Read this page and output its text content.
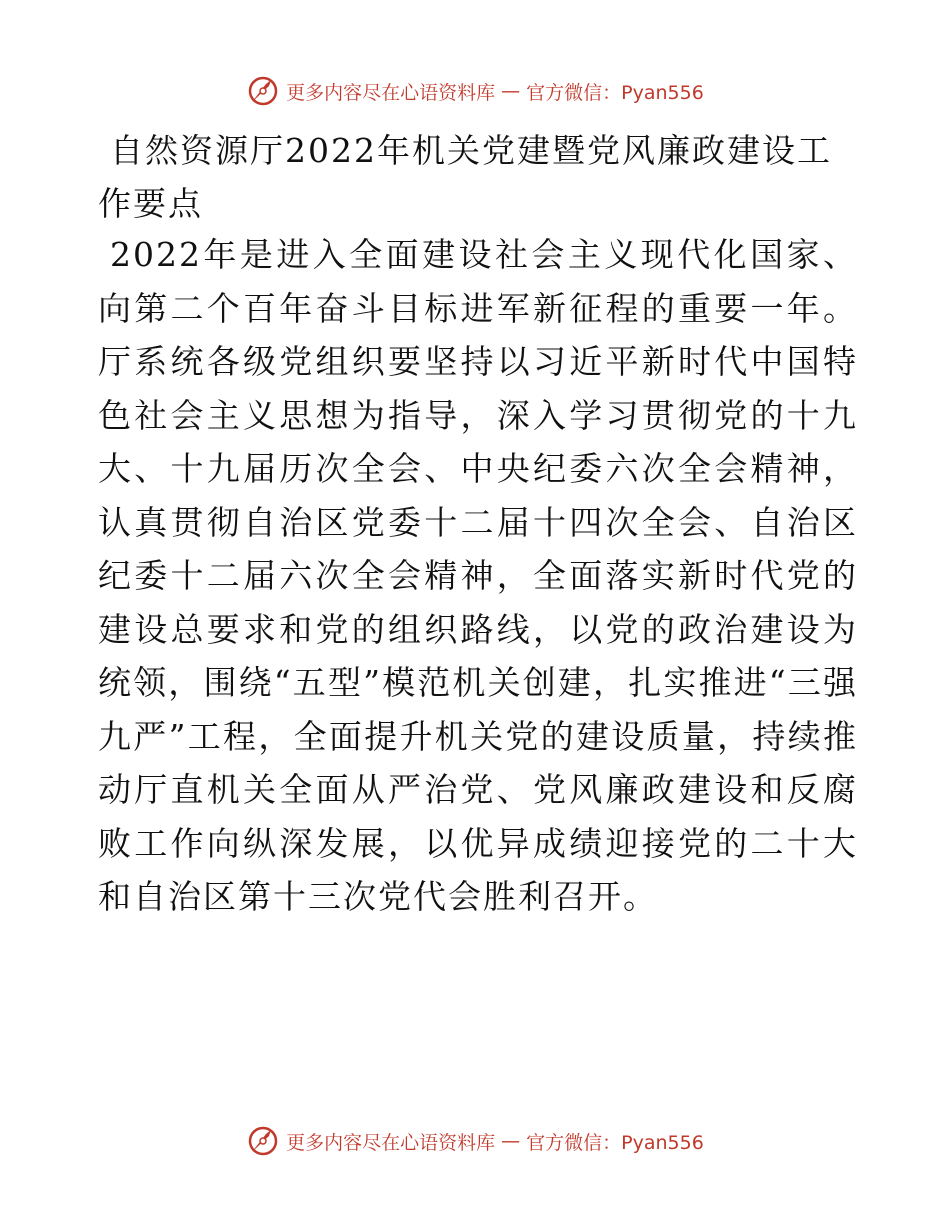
更多内容尽在心语资料库 — 官方微信：Pyan556
自然资源厅2022年机关党建暨党风廉政建设工作要点

2022年是进入全面建设社会主义现代化国家、向第二个百年奋斗目标进军新征程的重要一年。厅系统各级党组织要坚持以习近平新时代中国特色社会主义思想为指导，深入学习贯彻党的十九大、十九届历次全会、中央纪委六次全会精神，认真贯彻自治区党委十二届十四次全会、自治区纪委十二届六次全会精神，全面落实新时代党的建设总要求和党的组织路线，以党的政治建设为统领，围绕“五型”模范机关创建，扎实推进“三强九严”工程，全面提升机关党的建设质量，持续推动厅直机关全面从严治党、党风廉政建设和反腐败工作向纵深发展，以优异成绩迎接党的二十大和自治区第十三次党代会胜利召开。

更多内容尽在心语资料库 — 官方微信：Pyan556
